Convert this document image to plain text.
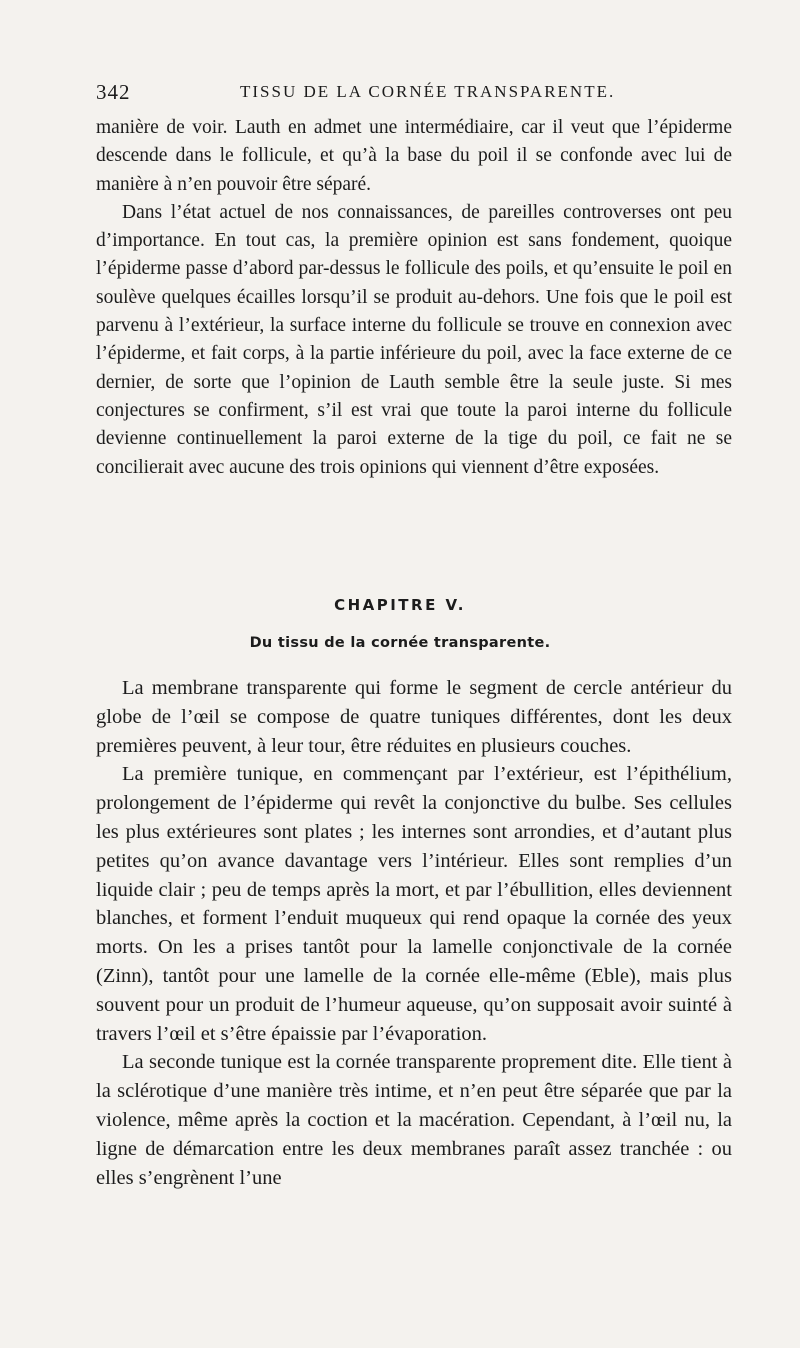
342	TISSU DE LA CORNÉE TRANSPARENTE.

manière de voir. Lauth en admet une intermédiaire, car il veut que l’épiderme descende dans le follicule, et qu’à la base du poil il se confonde avec lui de manière à n’en pouvoir être séparé.

Dans l’état actuel de nos connaissances, de pareilles controverses ont peu d’importance. En tout cas, la première opinion est sans fondement, quoique l’épiderme passe d’abord par-dessus le follicule des poils, et qu’ensuite le poil en soulève quelques écailles lorsqu’il se produit au-dehors. Une fois que le poil est parvenu à l’extérieur, la surface interne du follicule se trouve en connexion avec l’épiderme, et fait corps, à la partie inférieure du poil, avec la face externe de ce dernier, de sorte que l’opinion de Lauth semble être la seule juste. Si mes conjectures se confirment, s’il est vrai que toute la paroi interne du follicule devienne continuellement la paroi externe de la tige du poil, ce fait ne se concilierait avec aucune des trois opinions qui viennent d’être exposées.

CHAPITRE V.
Du tissu de la cornée transparente.

La membrane transparente qui forme le segment de cercle antérieur du globe de l’œil se compose de quatre tuniques différentes, dont les deux premières peuvent, à leur tour, être réduites en plusieurs couches.

La première tunique, en commençant par l’extérieur, est l’épithélium, prolongement de l’épiderme qui revêt la conjonctive du bulbe. Ses cellules les plus extérieures sont plates ; les internes sont arrondies, et d’autant plus petites qu’on avance davantage vers l’intérieur. Elles sont remplies d’un liquide clair ; peu de temps après la mort, et par l’ébullition, elles deviennent blanches, et forment l’enduit muqueux qui rend opaque la cornée des yeux morts. On les a prises tantôt pour la lamelle conjonctivale de la cornée (Zinn), tantôt pour une lamelle de la cornée elle-même (Eble), mais plus souvent pour un produit de l’humeur aqueuse, qu’on supposait avoir suinté à travers l’œil et s’être épaissie par l’évaporation.

La seconde tunique est la cornée transparente proprement dite. Elle tient à la sclérotique d’une manière très intime, et n’en peut être séparée que par la violence, même après la coction et la macération. Cependant, à l’œil nu, la ligne de démarcation entre les deux membranes paraît assez tranchée : ou elles s’engrènent l’une
